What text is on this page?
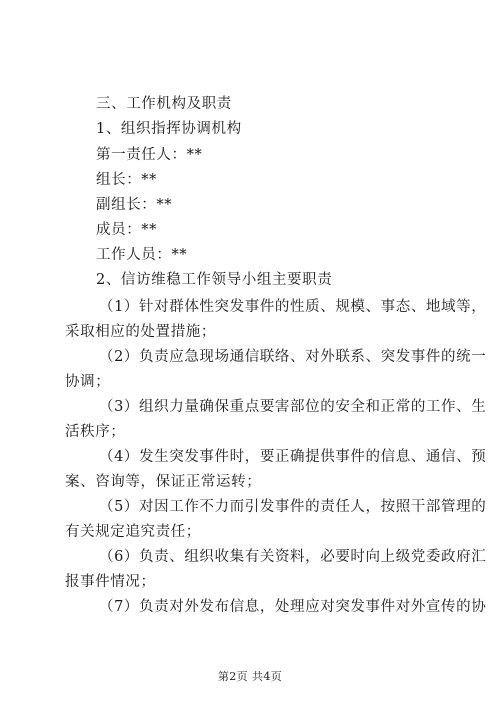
三、工作机构及职责
1、组织指挥协调机构
第一责任人：**
组长：**
副组长：**
成员：**
工作人员：**
2、信访维稳工作领导小组主要职责
（1）针对群体性突发事件的性质、规模、事态、地域等，
采取相应的处置措施；
（2）负责应急现场通信联络、对外联系、突发事件的统一
协调；
（3）组织力量确保重点要害部位的安全和正常的工作、生
活秩序；
（4）发生突发事件时，要正确提供事件的信息、通信、预
案、咨询等，保证正常运转；
（5）对因工作不力而引发事件的责任人，按照干部管理的
有关规定追究责任；
（6）负责、组织收集有关资料，必要时向上级党委政府汇
报事件情况；
（7）负责对外发布信息，处理应对突发事件对外宣传的协
第2页 共4页
